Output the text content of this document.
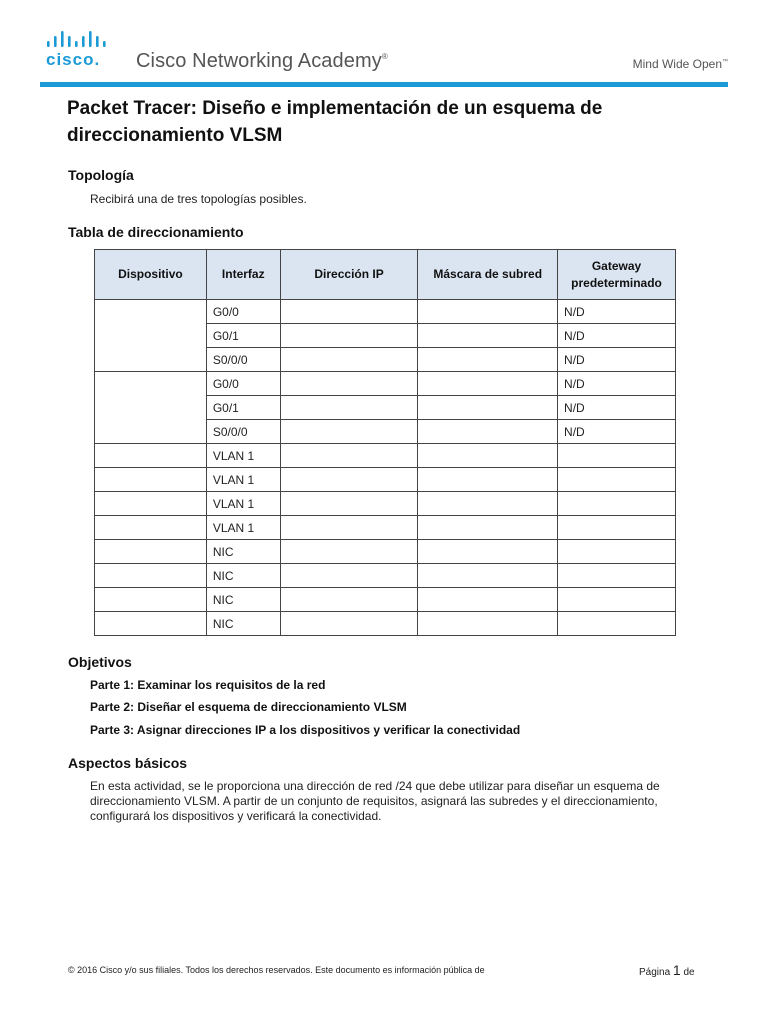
cisco. Cisco Networking Academy®
Mind Wide Open™
Packet Tracer: Diseño e implementación de un esquema de direccionamiento VLSM
Topología
Recibirá una de tres topologías posibles.
Tabla de direccionamiento
Dispositivo	Interfaz	Dirección IP	Máscara de subred	Gateway predeterminado
	G0/0			N/D
	G0/1			N/D
	S0/0/0			N/D
	G0/0			N/D
	G0/1			N/D
	S0/0/0			N/D
	VLAN 1			
	VLAN 1			
	VLAN 1			
	VLAN 1			
	NIC			
	NIC			
	NIC			
	NIC			
Objetivos
Parte 1: Examinar los requisitos de la red
Parte 2: Diseñar el esquema de direccionamiento VLSM
Parte 3: Asignar direcciones IP a los dispositivos y verificar la conectividad
Aspectos básicos
En esta actividad, se le proporciona una dirección de red /24 que debe utilizar para diseñar un esquema de
direccionamiento VLSM. A partir de un conjunto de requisitos, asignará las subredes y el direccionamiento,
configurará los dispositivos y verificará la conectividad.
© 2016 Cisco y/o sus filiales. Todos los derechos reservados. Este documento es información pública de	Página 1 de
